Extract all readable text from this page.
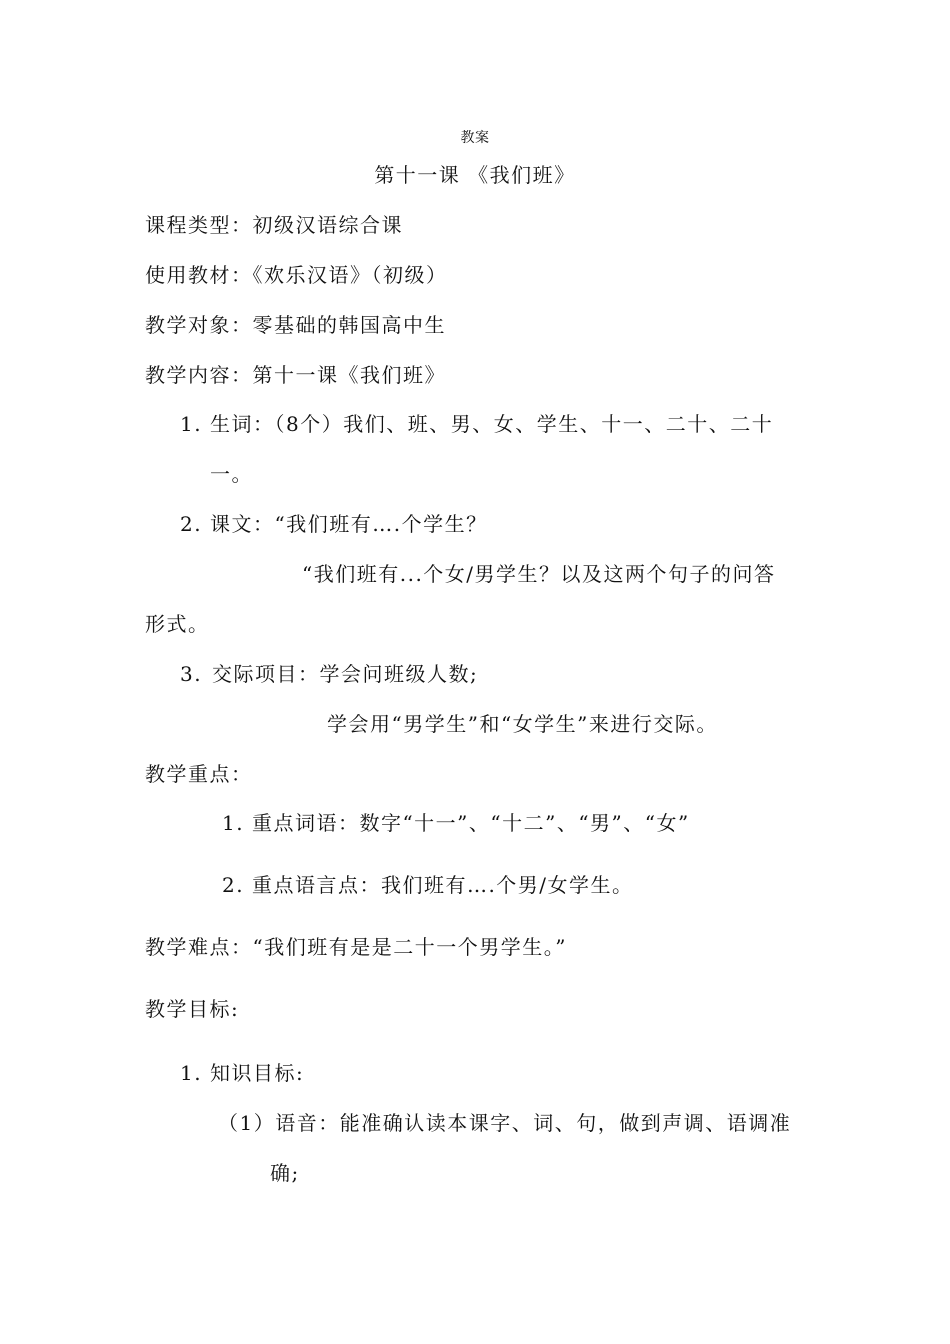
教案
第十一课 《我们班》
课程类型：初级汉语综合课
使用教材：《欢乐汉语》（初级）
教学对象：零基础的韩国高中生
教学内容：第十一课《我们班》
1. 生词：（8个）我们、班、男、女、学生、十一、二十、二十
一。
2. 课文：“我们班有….个学生？
“我们班有...个女/男学生？以及这两个句子的问答
形式。
3. 交际项目：学会问班级人数;
学会用“男学生”和“女学生”来进行交际。
教学重点：
1. 重点词语：数字“十一”、“十二”、“男”、“女”
2. 重点语言点：我们班有….个男/女学生。
教学难点：“我们班有是是二十一个男学生。”
教学目标:
1. 知识目标:
（1）语音：能准确认读本课字、词、句，做到声调、语调准
确;
